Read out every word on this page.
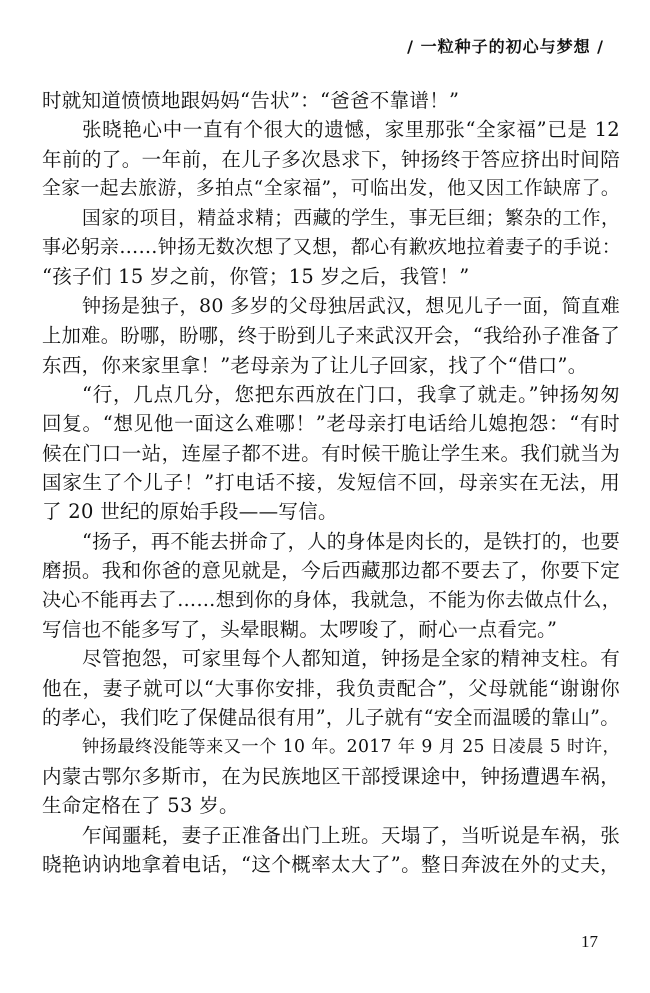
/ 一粒种子的初心与梦想 /
时就知道愤愤地跟妈妈“告状”：“爸爸不靠谱！”
张晓艳心中一直有个很大的遗憾，家里那张“全家福”已是 12
年前的了。一年前，在儿子多次恳求下，钟扬终于答应挤出时间陪
全家一起去旅游，多拍点“全家福”，可临出发，他又因工作缺席了。
国家的项目，精益求精；西藏的学生，事无巨细；繁杂的工作，
事必躬亲……钟扬无数次想了又想，都心有歉疚地拉着妻子的手说：
“孩子们 15 岁之前，你管；15 岁之后，我管！”
钟扬是独子，80 多岁的父母独居武汉，想见儿子一面，简直难
上加难。盼哪，盼哪，终于盼到儿子来武汉开会，“我给孙子准备了
东西，你来家里拿！”老母亲为了让儿子回家，找了个“借口”。
“行，几点几分，您把东西放在门口，我拿了就走。”钟扬匆匆
回复。“想见他一面这么难哪！”老母亲打电话给儿媳抱怨：“有时
候在门口一站，连屋子都不进。有时候干脆让学生来。我们就当为
国家生了个儿子！”打电话不接，发短信不回，母亲实在无法，用
了 20 世纪的原始手段——写信。
“扬子，再不能去拼命了，人的身体是肉长的，是铁打的，也要
磨损。我和你爸的意见就是，今后西藏那边都不要去了，你要下定
决心不能再去了……想到你的身体，我就急，不能为你去做点什么，
写信也不能多写了，头晕眼糊。太啰唆了，耐心一点看完。”
尽管抱怨，可家里每个人都知道，钟扬是全家的精神支柱。有
他在，妻子就可以“大事你安排，我负责配合”，父母就能“谢谢你
的孝心，我们吃了保健品很有用”，儿子就有“安全而温暖的靠山”。
钟扬最终没能等来又一个 10 年。2017 年 9 月 25 日凌晨 5 时许，
内蒙古鄂尔多斯市，在为民族地区干部授课途中，钟扬遭遇车祸，
生命定格在了 53 岁。
乍闻噩耗，妻子正准备出门上班。天塌了，当听说是车祸，张
晓艳讷讷地拿着电话，“这个概率太大了”。整日奔波在外的丈夫，
17
